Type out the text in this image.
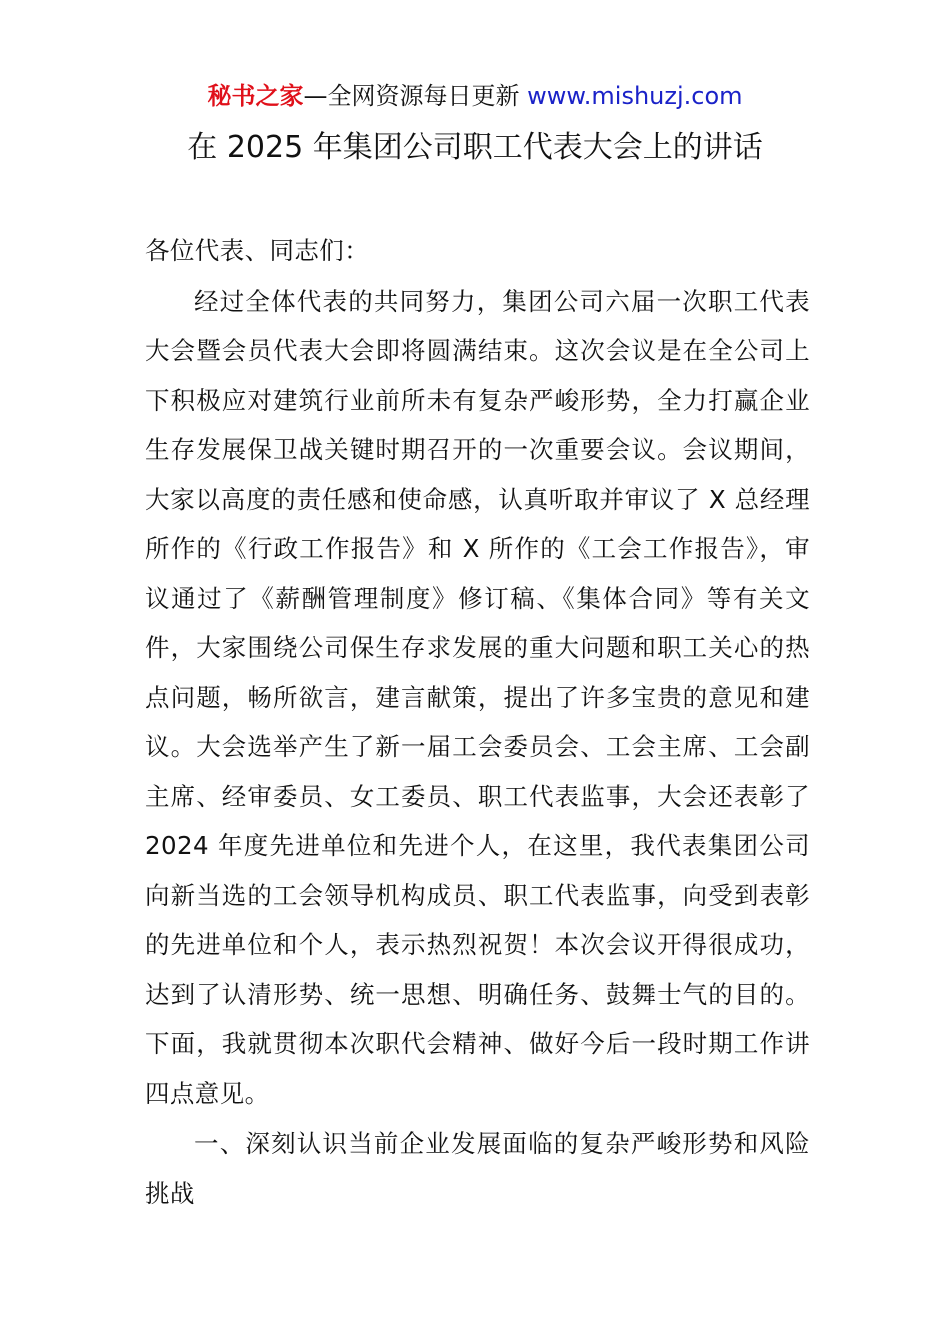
秘书之家—全网资源每日更新 www.mishuzj.com
在 2025 年集团公司职工代表大会上的讲话

各位代表、同志们：

经过全体代表的共同努力，集团公司六届一次职工代表大会暨会员代表大会即将圆满结束。这次会议是在全公司上下积极应对建筑行业前所未有复杂严峻形势，全力打赢企业生存发展保卫战关键时期召开的一次重要会议。会议期间，大家以高度的责任感和使命感，认真听取并审议了 X 总经理所作的《行政工作报告》和 X 所作的《工会工作报告》，审议通过了《薪酬管理制度》修订稿、《集体合同》等有关文件，大家围绕公司保生存求发展的重大问题和职工关心的热点问题，畅所欲言，建言献策，提出了许多宝贵的意见和建议。大会选举产生了新一届工会委员会、工会主席、工会副主席、经审委员、女工委员、职工代表监事，大会还表彰了 2024 年度先进单位和先进个人，在这里，我代表集团公司向新当选的工会领导机构成员、职工代表监事，向受到表彰的先进单位和个人，表示热烈祝贺！本次会议开得很成功，达到了认清形势、统一思想、明确任务、鼓舞士气的目的。下面，我就贯彻本次职代会精神、做好今后一段时期工作讲四点意见。

一、深刻认识当前企业发展面临的复杂严峻形势和风险挑战
